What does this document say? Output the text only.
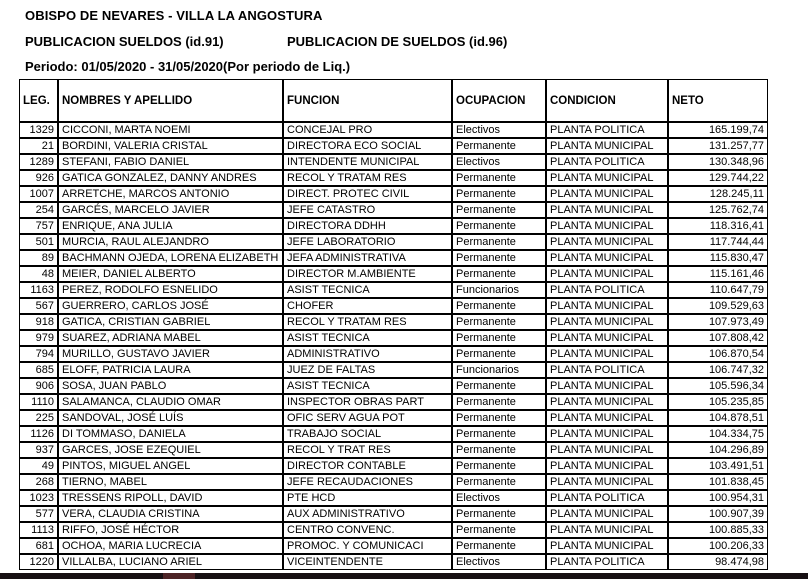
OBISPO DE NEVARES - VILLA LA ANGOSTURA
PUBLICACION SUELDOS (id.91)	PUBLICACION DE SUELDOS (id.96)
Periodo: 01/05/2020 - 31/05/2020(Por periodo de Liq.)
LEG.	NOMBRES Y APELLIDO	FUNCION	OCUPACION	CONDICION	NETO
1329	CICCONI, MARTA NOEMI	CONCEJAL PRO	Electivos	PLANTA POLITICA	165.199,74
21	BORDINI, VALERIA CRISTAL	DIRECTORA ECO SOCIAL	Permanente	PLANTA MUNICIPAL	131.257,77
1289	STEFANI, FABIO DANIEL	INTENDENTE MUNICIPAL	Electivos	PLANTA POLITICA	130.348,96
926	GATICA GONZALEZ, DANNY ANDRES	RECOL Y TRATAM RES	Permanente	PLANTA MUNICIPAL	129.744,22
1007	ARRETCHE, MARCOS ANTONIO	DIRECT. PROTEC CIVIL	Permanente	PLANTA MUNICIPAL	128.245,11
254	GARCÉS, MARCELO JAVIER	JEFE CATASTRO	Permanente	PLANTA MUNICIPAL	125.762,74
757	ENRIQUE, ANA JULIA	DIRECTORA DDHH	Permanente	PLANTA MUNICIPAL	118.316,41
501	MURCIA, RAUL ALEJANDRO	JEFE LABORATORIO	Permanente	PLANTA MUNICIPAL	117.744,44
89	BACHMANN OJEDA, LORENA ELIZABETH	JEFA ADMINISTRATIVA	Permanente	PLANTA MUNICIPAL	115.830,47
48	MEIER, DANIEL ALBERTO	DIRECTOR M.AMBIENTE	Permanente	PLANTA MUNICIPAL	115.161,46
1163	PEREZ, RODOLFO ESNELIDO	ASIST TECNICA	Funcionarios	PLANTA POLITICA	110.647,79
567	GUERRERO, CARLOS JOSÉ	CHOFER	Permanente	PLANTA MUNICIPAL	109.529,63
918	GATICA, CRISTIAN GABRIEL	RECOL Y TRATAM RES	Permanente	PLANTA MUNICIPAL	107.973,49
979	SUAREZ, ADRIANA MABEL	ASIST TECNICA	Permanente	PLANTA MUNICIPAL	107.808,42
794	MURILLO, GUSTAVO JAVIER	ADMINISTRATIVO	Permanente	PLANTA MUNICIPAL	106.870,54
685	ELOFF, PATRICIA LAURA	JUEZ DE FALTAS	Funcionarios	PLANTA POLITICA	106.747,32
906	SOSA, JUAN PABLO	ASIST TECNICA	Permanente	PLANTA MUNICIPAL	105.596,34
1110	SALAMANCA, CLAUDIO OMAR	INSPECTOR OBRAS PART	Permanente	PLANTA MUNICIPAL	105.235,85
225	SANDOVAL, JOSÉ LUÍS	OFIC SERV AGUA POT	Permanente	PLANTA MUNICIPAL	104.878,51
1126	DI TOMMASO, DANIELA	TRABAJO SOCIAL	Permanente	PLANTA MUNICIPAL	104.334,75
937	GARCES, JOSE EZEQUIEL	RECOL Y TRAT RES	Permanente	PLANTA MUNICIPAL	104.296,89
49	PINTOS, MIGUEL ANGEL	DIRECTOR CONTABLE	Permanente	PLANTA MUNICIPAL	103.491,51
268	TIERNO, MABEL	JEFE RECAUDACIONES	Permanente	PLANTA MUNICIPAL	101.838,45
1023	TRESSENS RIPOLL, DAVID	PTE HCD	Electivos	PLANTA POLITICA	100.954,31
577	VERA, CLAUDIA CRISTINA	AUX ADMINISTRATIVO	Permanente	PLANTA MUNICIPAL	100.907,39
1113	RIFFO, JOSÉ HÉCTOR	CENTRO CONVENC.	Permanente	PLANTA MUNICIPAL	100.885,33
681	OCHOA, MARIA LUCRECIA	PROMOC. Y COMUNICACI	Permanente	PLANTA MUNICIPAL	100.206,33
1220	VILLALBA, LUCIANO ARIEL	VICEINTENDENTE	Electivos	PLANTA POLITICA	98.474,98
